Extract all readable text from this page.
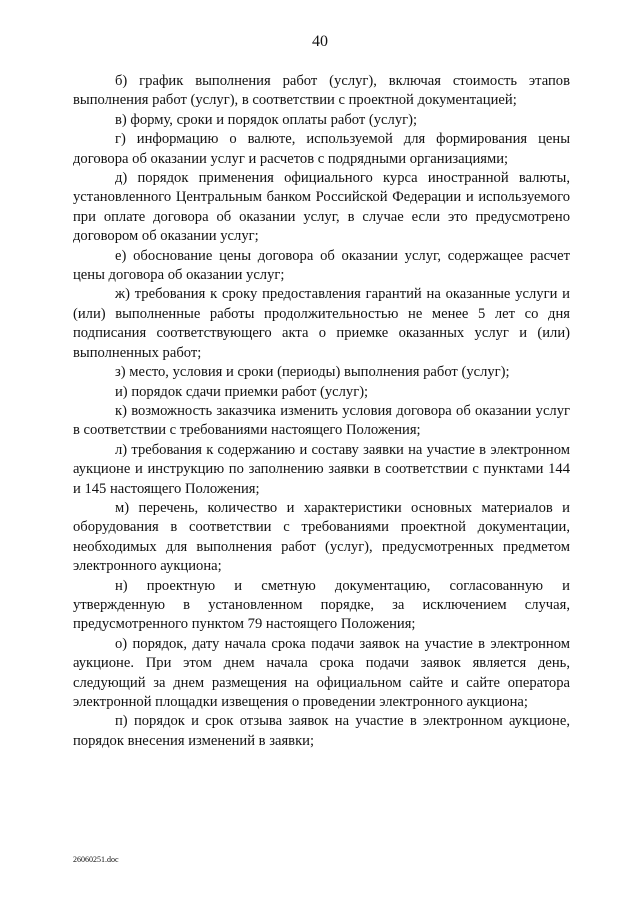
40

б) график выполнения работ (услуг), включая стоимость этапов выполнения работ (услуг), в соответствии с проектной документацией;

в) форму, сроки и порядок оплаты работ (услуг);

г) информацию о валюте, используемой для формирования цены договора об оказании услуг и расчетов с подрядными организациями;

д) порядок применения официального курса иностранной валюты, установленного Центральным банком Российской Федерации и используемого при оплате договора об оказании услуг, в случае если это предусмотрено договором об оказании услуг;

е) обоснование цены договора об оказании услуг, содержащее расчет цены договора об оказании услуг;

ж) требования к сроку предоставления гарантий на оказанные услуги и (или) выполненные работы продолжительностью не менее 5 лет со дня подписания соответствующего акта о приемке оказанных услуг и (или) выполненных работ;

з) место, условия и сроки (периоды) выполнения работ (услуг);

и) порядок сдачи приемки работ (услуг);

к) возможность заказчика изменить условия договора об оказании услуг в соответствии с требованиями настоящего Положения;

л) требования к содержанию и составу заявки на участие в электронном аукционе и инструкцию по заполнению заявки в соответствии с пунктами 144 и 145 настоящего Положения;

м) перечень, количество и характеристики основных материалов и оборудования в соответствии с требованиями проектной документации, необходимых для выполнения работ (услуг), предусмотренных предметом электронного аукциона;

н) проектную и сметную документацию, согласованную и утвержденную в установленном порядке, за исключением случая, предусмотренного пунктом 79 настоящего Положения;

о) порядок, дату начала срока подачи заявок на участие в электронном аукционе. При этом днем начала срока подачи заявок является день, следующий за днем размещения на официальном сайте и сайте оператора электронной площадки извещения о проведении электронного аукциона;

п) порядок и срок отзыва заявок на участие в электронном аукционе, порядок внесения изменений в заявки;

26060251.doc
